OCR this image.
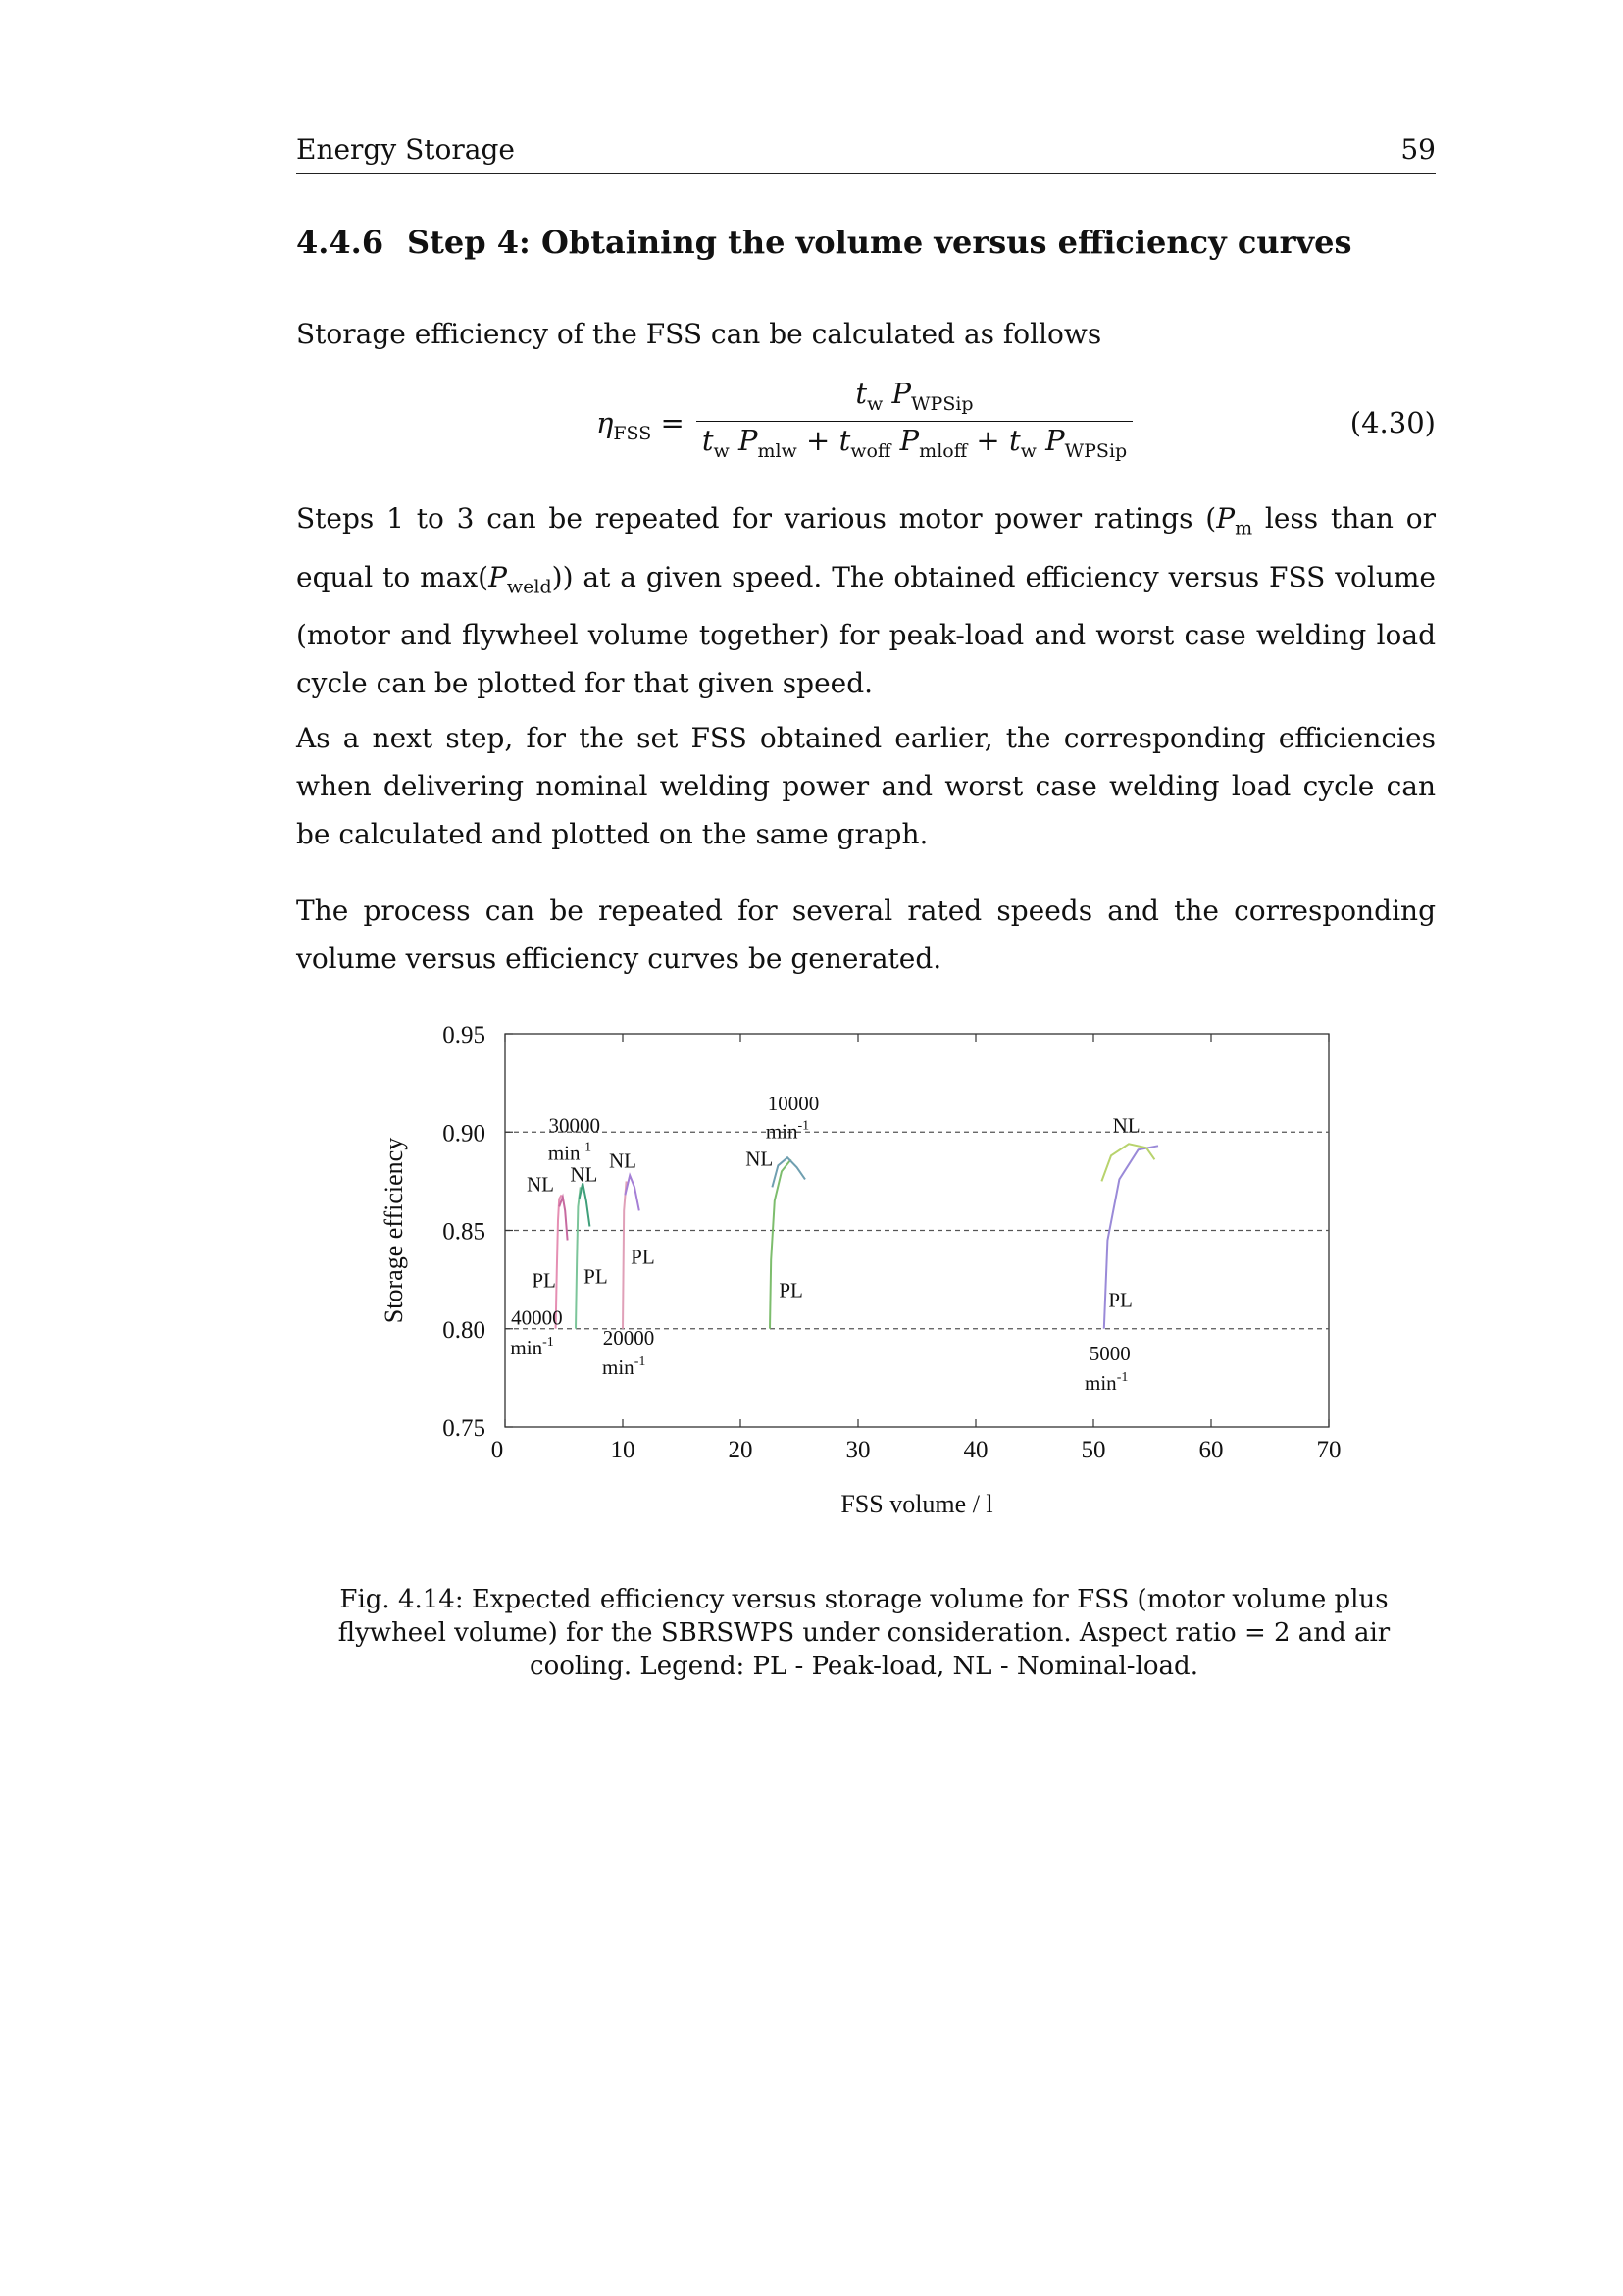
Energy Storage	59
4.4.6 Step 4: Obtaining the volume versus efficiency curves

Storage efficiency of the FSS can be calculated as follows

$\eta_{FSS}$ =
$t_w$ $P_{WPSip}$
$t_w$ $P_{mlw} + t_{woff}$ $P_{mloff} + t_w$ $P_{WPSip}$
(4.30)

Steps 1 to 3 can be repeated for various motor power ratings ($P_m$ less than or equal to $\max(P_{weld})$) at a given speed. The obtained efficiency versus FSS volume (motor and flywheel volume together) for peak-load and worst case welding load cycle can be plotted for that given speed.

As a next step, for the set FSS obtained earlier, the corresponding efficiencies when delivering nominal welding power and worst case welding load cycle can be calculated and plotted on the same graph.

The process can be repeated for several rated speeds and the corresponding volume versus efficiency curves be generated.

0	10	20	30	40	50	60	70
0.95
0.90
0.85
0.80
0.75
FSS volume / l
Storage efficiency
30000
$\min^{-1}$
NL
NL
NL
PL PL
PL
40000
$\min^{-1} 20000$
$\min^{-1}$
10000
$\min^{-1}$
NL
PL
NL
PL
5000
$\min^{-1}$

Fig. 4.14: Expected efficiency versus storage volume for FSS (motor volume plus flywheel volume) for the SBRSWPS under consideration. Aspect ratio = 2 and air cooling. Legend: PL - Peak-load, NL - Nominal-load.
